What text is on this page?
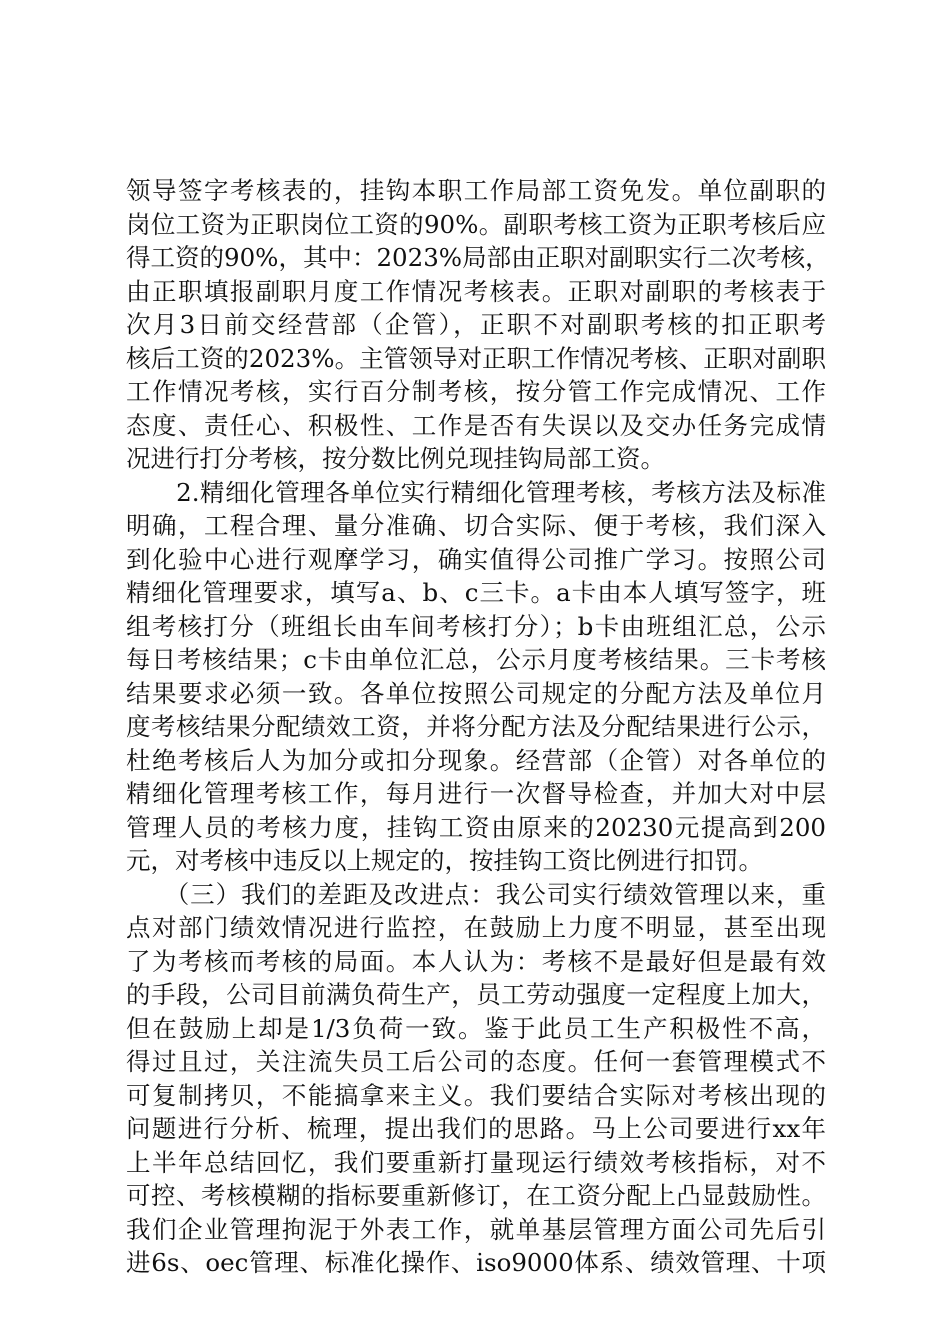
领导签字考核表的，挂钩本职工作局部工资免发。单位副职的
岗位工资为正职岗位工资的90%。副职考核工资为正职考核后应
得工资的90%，其中：2023%局部由正职对副职实行二次考核，
由正职填报副职月度工作情况考核表。正职对副职的考核表于
次月3日前交经营部（企管），正职不对副职考核的扣正职考
核后工资的2023%。主管领导对正职工作情况考核、正职对副职
工作情况考核，实行百分制考核，按分管工作完成情况、工作
态度、责任心、积极性、工作是否有失误以及交办任务完成情
况进行打分考核，按分数比例兑现挂钩局部工资。
　　2.精细化管理各单位实行精细化管理考核，考核方法及标准
明确，工程合理、量分准确、切合实际、便于考核，我们深入
到化验中心进行观摩学习，确实值得公司推广学习。按照公司
精细化管理要求，填写a、b、c三卡。a卡由本人填写签字，班
组考核打分（班组长由车间考核打分）；b卡由班组汇总，公示
每日考核结果；c卡由单位汇总，公示月度考核结果。三卡考核
结果要求必须一致。各单位按照公司规定的分配方法及单位月
度考核结果分配绩效工资，并将分配方法及分配结果进行公示，
杜绝考核后人为加分或扣分现象。经营部（企管）对各单位的
精细化管理考核工作，每月进行一次督导检查，并加大对中层
管理人员的考核力度，挂钩工资由原来的20230元提高到200
元，对考核中违反以上规定的，按挂钩工资比例进行扣罚。
　　（三）我们的差距及改进点：我公司实行绩效管理以来，重
点对部门绩效情况进行监控，在鼓励上力度不明显，甚至出现
了为考核而考核的局面。本人认为：考核不是最好但是最有效
的手段，公司目前满负荷生产，员工劳动强度一定程度上加大，
但在鼓励上却是1/3负荷一致。鉴于此员工生产积极性不高，
得过且过，关注流失员工后公司的态度。任何一套管理模式不
可复制拷贝，不能搞拿来主义。我们要结合实际对考核出现的
问题进行分析、梳理，提出我们的思路。马上公司要进行xx年
上半年总结回忆，我们要重新打量现运行绩效考核指标，对不
可控、考核模糊的指标要重新修订，在工资分配上凸显鼓励性。
我们企业管理拘泥于外表工作，就单基层管理方面公司先后引
进6s、oec管理、标准化操作、iso9000体系、绩效管理、十项
